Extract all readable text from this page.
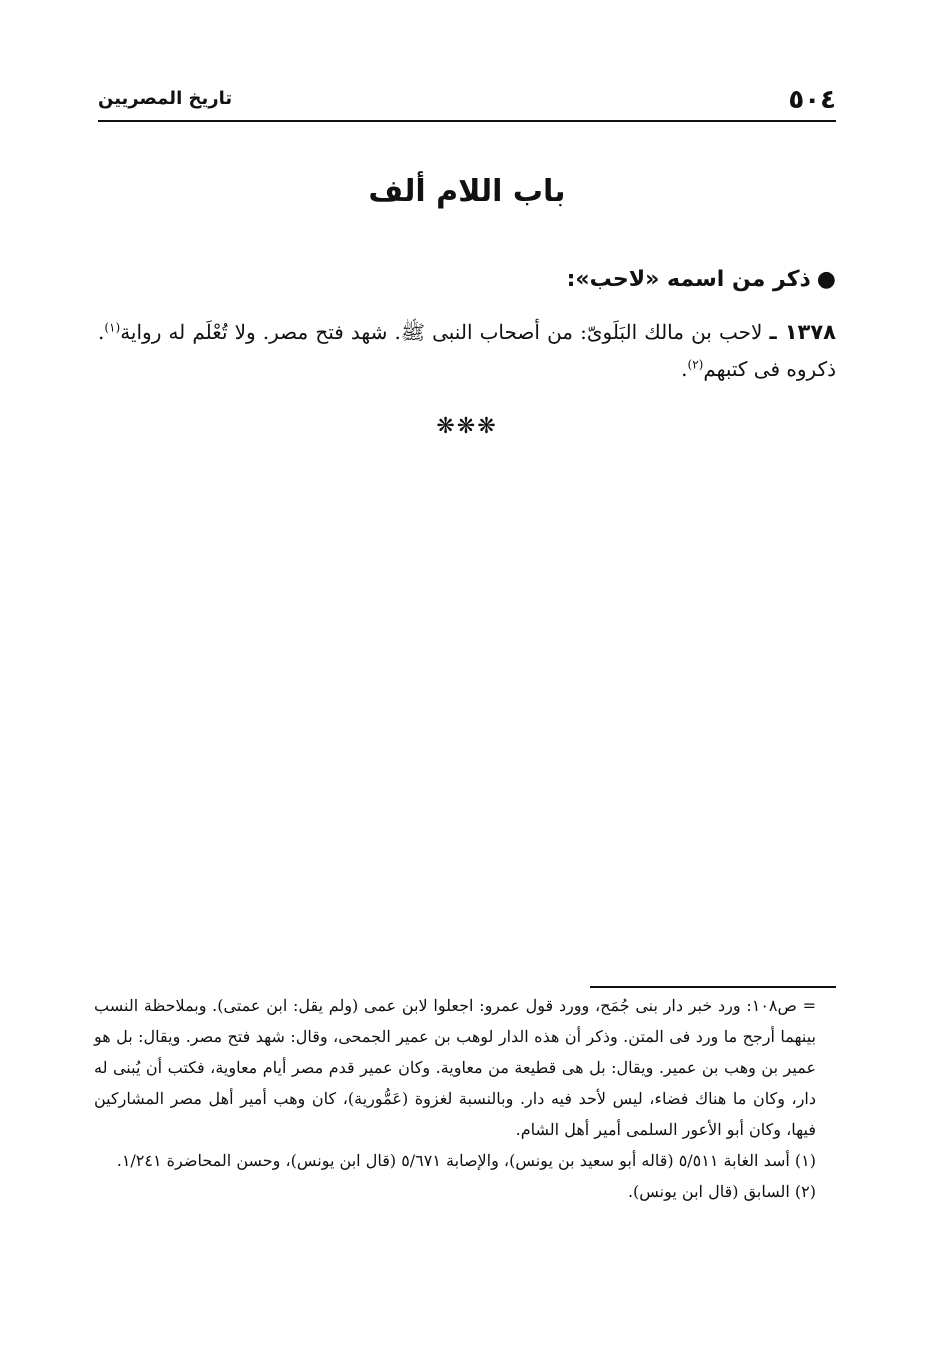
٥٠٤
تاريخ المصريين
باب اللام ألف
●ذكر من اسمه «لاحب»:
١٣٧٨ ـ لاحب بن مالك البَلَوىّ: من أصحاب النبى ﷺ. شهد فتح مصر. ولا تُعْلَم له رواية$^{(١)}$. ذكروه فى كتبهم$^{(٢)}$.
❋❋❋

= ص١٠٨: ورد خبر دار بنى جُمَح، وورد قول عمرو: اجعلوا لابن عمى (ولم يقل: ابن عمتى). وبملاحظة النسب بينهما أرجح ما ورد فى المتن. وذكر أن هذه الدار لوهب بن عمير الجمحى، وقال: شهد فتح مصر. ويقال: بل هو عمير بن وهب بن عمير. ويقال: بل هى قطيعة من معاوية. وكان عمير قدم مصر أيام معاوية، فكتب أن يُبنى له دار، وكان ما هناك فضاء، ليس لأحد فيه دار. وبالنسبة لغزوة (عَمُّورية)، كان وهب أمير أهل مصر المشاركين فيها، وكان أبو الأعور السلمى أمير أهل الشام.

(١) أسد الغابة ٥/٥١١ (قاله أبو سعيد بن يونس)، والإصابة ٥/٦٧١ (قال ابن يونس)، وحسن المحاضرة ١/٢٤١.

(٢) السابق (قال ابن يونس).
